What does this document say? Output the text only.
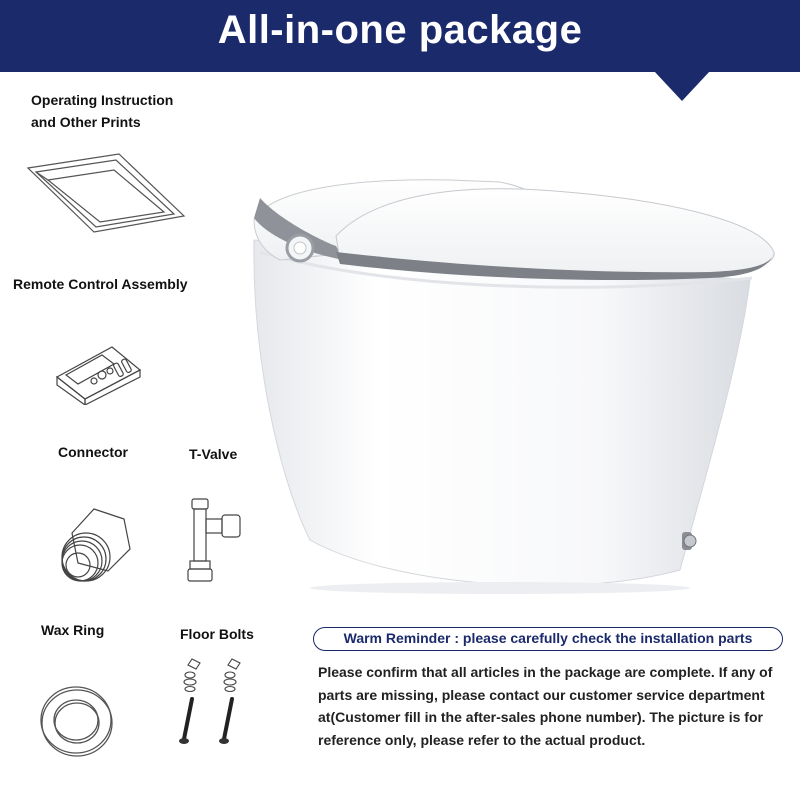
All-in-one package
Operating Instruction
and Other Prints
Remote Control Assembly
Connector	T-Valve
Wax Ring	Floor Bolts	Warm Reminder : please carefully check the installation parts
Please confirm that all articles in the package are complete. If any of parts are missing, please contact our customer service department at(Customer fill in the after-sales phone number). The picture is for reference only, please refer to the actual product.
